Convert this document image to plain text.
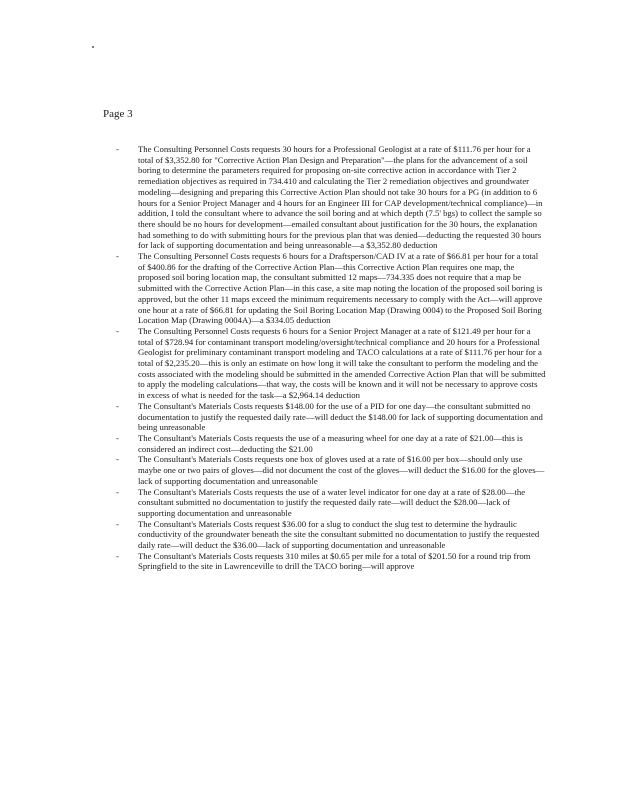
Page 3
-	The Consulting Personnel Costs requests 30 hours for a Professional Geologist at a rate of $111.76 per hour for a total of $3,352.80 for "Corrective Action Plan Design and Preparation"—the plans for the advancement of a soil boring to determine the parameters required for proposing on-site corrective action in accordance with Tier 2 remediation objectives as required in 734.410 and calculating the Tier 2 remediation objectives and groundwater modeling—designing and preparing this Corrective Action Plan should not take 30 hours for a PG (in addition to 6 hours for a Senior Project Manager and 4 hours for an Engineer III for CAP development/technical compliance)—in addition, I told the consultant where to advance the soil boring and at which depth (7.5' bgs) to collect the sample so there should be no hours for development—emailed consultant about justification for the 30 hours, the explanation had something to do with submitting hours for the previous plan that was denied—deducting the requested 30 hours for lack of supporting documentation and being unreasonable—a $3,352.80 deduction
-	The Consulting Personnel Costs requests 6 hours for a Draftsperson/CAD IV at a rate of $66.81 per hour for a total of $400.86 for the drafting of the Corrective Action Plan—this Corrective Action Plan requires one map, the proposed soil boring location map, the consultant submitted 12 maps—734.335 does not require that a map be submitted with the Corrective Action Plan—in this case, a site map noting the location of the proposed soil boring is approved, but the other 11 maps exceed the minimum requirements necessary to comply with the Act—will approve one hour at a rate of $66.81 for updating the Soil Boring Location Map (Drawing 0004) to the Proposed Soil Boring Location Map (Drawing 0004A)—a $334.05 deduction
-	The Consulting Personnel Costs requests 6 hours for a Senior Project Manager at a rate of $121.49 per hour for a total of $728.94 for contaminant transport modeling/oversight/technical compliance and 20 hours for a Professional Geologist for preliminary contaminant transport modeling and TACO calculations at a rate of $111.76 per hour for a total of $2,235.20—this is only an estimate on how long it will take the consultant to perform the modeling and the costs associated with the modeling should be submitted in the amended Corrective Action Plan that will be submitted to apply the modeling calculations—that way, the costs will be known and it will not be necessary to approve costs in excess of what is needed for the task—a $2,964.14 deduction
-	The Consultant's Materials Costs requests $148.00 for the use of a PID for one day—the consultant submitted no documentation to justify the requested daily rate—will deduct the $148.00 for lack of supporting documentation and being unreasonable
-	The Consultant's Materials Costs requests the use of a measuring wheel for one day at a rate of $21.00—this is considered an indirect cost—deducting the $21.00
-	The Consultant's Materials Costs requests one box of gloves used at a rate of $16.00 per box—should only use maybe one or two pairs of gloves—did not document the cost of the gloves—will deduct the $16.00 for the gloves—lack of supporting documentation and unreasonable
-	The Consultant's Materials Costs requests the use of a water level indicator for one day at a rate of $28.00—the consultant submitted no documentation to justify the requested daily rate—will deduct the $28.00—lack of supporting documentation and unreasonable
-	The Consultant's Materials Costs request $36.00 for a slug to conduct the slug test to determine the hydraulic conductivity of the groundwater beneath the site the consultant submitted no documentation to justify the requested daily rate—will deduct the $36.00—lack of supporting documentation and unreasonable
-	The Consultant's Materials Costs requests 310 miles at $0.65 per mile for a total of $201.50 for a round trip from Springfield to the site in Lawrenceville to drill the TACO boring—will approve
